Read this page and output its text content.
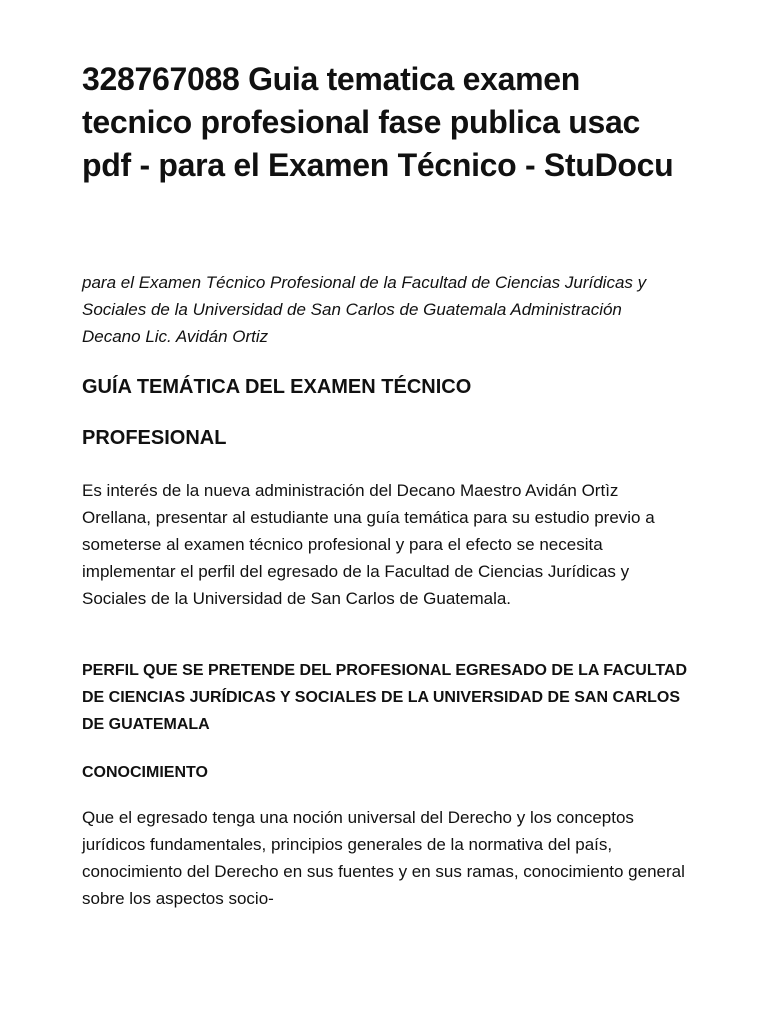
328767088 Guia tematica examen tecnico profesional fase publica usac pdf - para el Examen Técnico - StuDocu

para el Examen Técnico Profesional de la Facultad de Ciencias Jurídicas y Sociales de la Universidad de San Carlos de Guatemala Administración Decano Lic. Avidán Ortiz

GUÍA TEMÁTICA DEL EXAMEN TÉCNICO
PROFESIONAL

Es interés de la nueva administración del Decano Maestro Avidán Ortìz Orellana, presentar al estudiante una guía temática para su estudio previo a someterse al examen técnico profesional y para el efecto se necesita implementar el perfil del egresado de la Facultad de Ciencias Jurídicas y Sociales de la Universidad de San Carlos de Guatemala.

PERFIL QUE SE PRETENDE DEL PROFESIONAL EGRESADO DE LA FACULTAD DE CIENCIAS JURÍDICAS Y SOCIALES DE LA UNIVERSIDAD DE SAN CARLOS DE GUATEMALA
CONOCIMIENTO

Que el egresado tenga una noción universal del Derecho y los conceptos jurídicos fundamentales, principios generales de la normativa del país, conocimiento del Derecho en sus fuentes y en sus ramas, conocimiento general sobre los aspectos socio-
